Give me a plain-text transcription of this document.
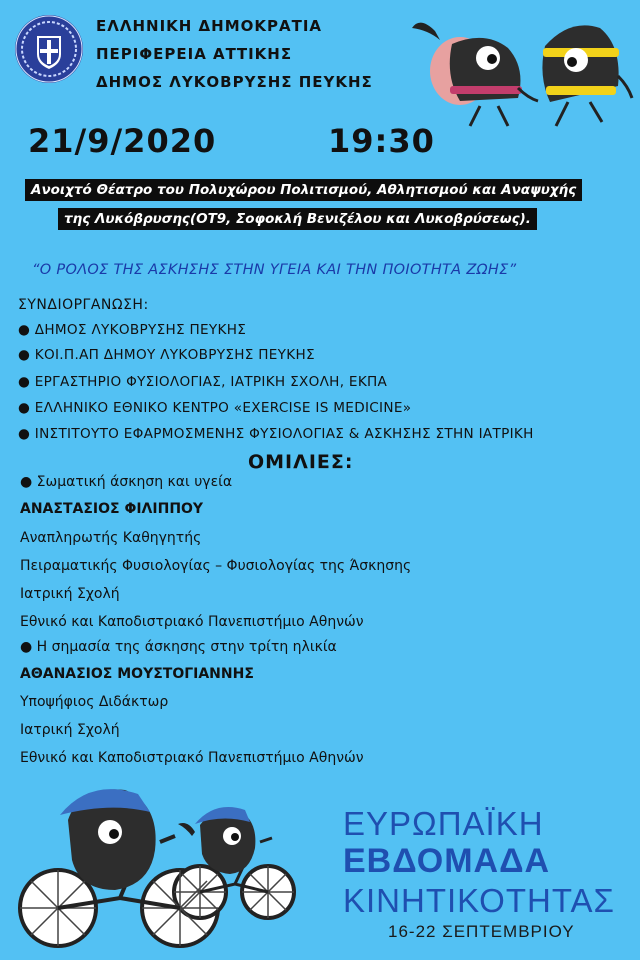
ΕΛΛΗΝΙΚΗ ΔΗΜΟΚΡΑΤΙΑ
ΠΕΡΙΦΕΡΕΙΑ ΑΤΤΙΚΗΣ
ΔΗΜΟΣ ΛΥΚΟΒΡΥΣΗΣ ΠΕΥΚΗΣ
21/9/2020	19:30
Ανοιχτό Θέατρο του Πολυχώρου Πολιτισμού, Αθλητισμού και Αναψυχής
της Λυκόβρυσης(ΟΤ9, Σοφοκλή Βενιζέλου και Λυκοβρύσεως).
“Ο ΡΟΛΟΣ ΤΗΣ ΑΣΚΗΣΗΣ ΣΤΗΝ ΥΓΕΙΑ ΚΑΙ ΤΗΝ ΠΟΙΟΤΗΤΑ ΖΩΗΣ”
ΣΥΝΔΙΟΡΓΑΝΩΣΗ:
● ΔΗΜΟΣ ΛΥΚΟΒΡΥΣΗΣ ΠΕΥΚΗΣ
● ΚΟΙ.Π.ΑΠ ΔΗΜΟΥ ΛΥΚΟΒΡΥΣΗΣ ΠΕΥΚΗΣ
● ΕΡΓΑΣΤΗΡΙΟ ΦΥΣΙΟΛΟΓΙΑΣ, ΙΑΤΡΙΚΗ ΣΧΟΛΗ, ΕΚΠΑ
● ΕΛΛΗΝΙΚΟ ΕΘΝΙΚΟ ΚΕΝΤΡΟ «EXERCISE IS MEDICINE»
● ΙΝΣΤΙΤΟΥΤΟ ΕΦΑΡΜΟΣΜΕΝΗΣ ΦΥΣΙΟΛΟΓΙΑΣ & ΑΣΚΗΣΗΣ ΣΤΗΝ ΙΑΤΡΙΚΗ
ΟΜΙΛΙΕΣ:
● Σωματική άσκηση και υγεία
ΑΝΑΣΤΑΣΙΟΣ ΦΙΛΙΠΠΟΥ
Αναπληρωτής Καθηγητής
Πειραματικής Φυσιολογίας – Φυσιολογίας της Άσκησης
Ιατρική Σχολή
Εθνικό και Καποδιστριακό Πανεπιστήμιο Αθηνών
● Η σημασία της άσκησης στην τρίτη ηλικία
ΑΘΑΝΑΣΙΟΣ ΜΟΥΣΤΟΓΙΑΝΝΗΣ
Υποψήφιος Διδάκτωρ
Ιατρική Σχολή
Εθνικό και Καποδιστριακό Πανεπιστήμιο Αθηνών
ΕΥΡΩΠΑΪΚΗ
ΕΒΔΟΜΑΔΑ
ΚΙΝΗΤΙΚΟΤΗΤΑΣ
16-22 ΣΕΠΤΕΜΒΡΙΟΥ
